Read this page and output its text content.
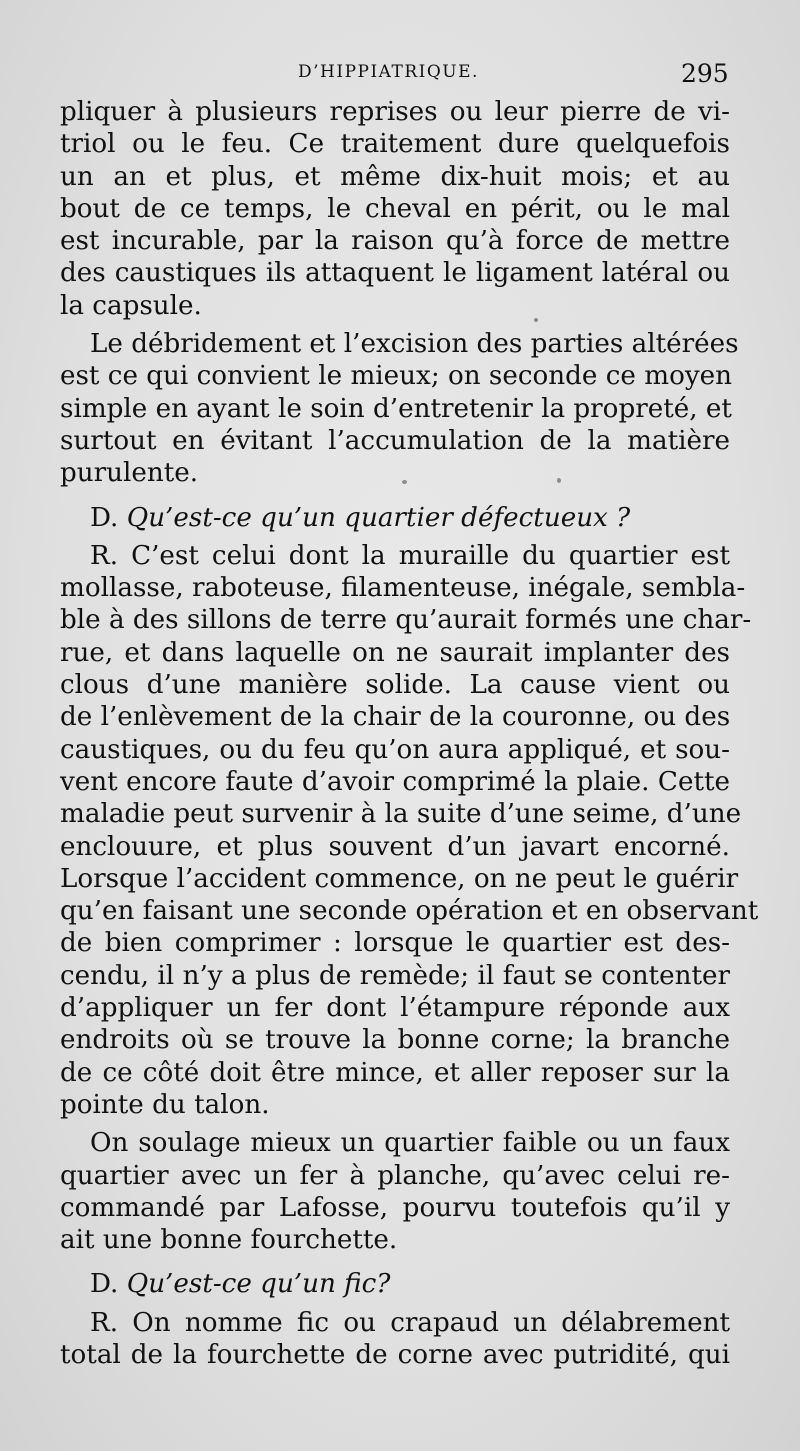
D’HIPPIATRIQUE.	295
pliquer à plusieurs reprises ou leur pierre de vi-
triol ou le feu. Ce traitement dure quelquefois
un an et plus, et même dix-huit mois; et au
bout de ce temps, le cheval en périt, ou le mal
est incurable, par la raison qu’à force de mettre
des caustiques ils attaquent le ligament latéral ou
la capsule.
Le débridement et l’excision des parties altérées
est ce qui convient le mieux; on seconde ce moyen
simple en ayant le soin d’entretenir la propreté, et
surtout en évitant l’accumulation de la matière
purulente.
D. Qu’est-ce qu’un quartier défectueux ?
R. C’est celui dont la muraille du quartier est
mollasse, raboteuse, filamenteuse, inégale, sembla-
ble à des sillons de terre qu’aurait formés une char-
rue, et dans laquelle on ne saurait implanter des
clous d’une manière solide. La cause vient ou
de l’enlèvement de la chair de la couronne, ou des
caustiques, ou du feu qu’on aura appliqué, et sou-
vent encore faute d’avoir comprimé la plaie. Cette
maladie peut survenir à la suite d’une seime, d’une
enclouure, et plus souvent d’un javart encorné.
Lorsque l’accident commence, on ne peut le guérir
qu’en faisant une seconde opération et en observant
de bien comprimer : lorsque le quartier est des-
cendu, il n’y a plus de remède; il faut se contenter
d’appliquer un fer dont l’étampure réponde aux
endroits où se trouve la bonne corne; la branche
de ce côté doit être mince, et aller reposer sur la
pointe du talon.
On soulage mieux un quartier faible ou un faux
quartier avec un fer à planche, qu’avec celui re-
commandé par Lafosse, pourvu toutefois qu’il y
ait une bonne fourchette.
D. Qu’est-ce qu’un fic?
R. On nomme fic ou crapaud un délabrement
total de la fourchette de corne avec putridité, qui
